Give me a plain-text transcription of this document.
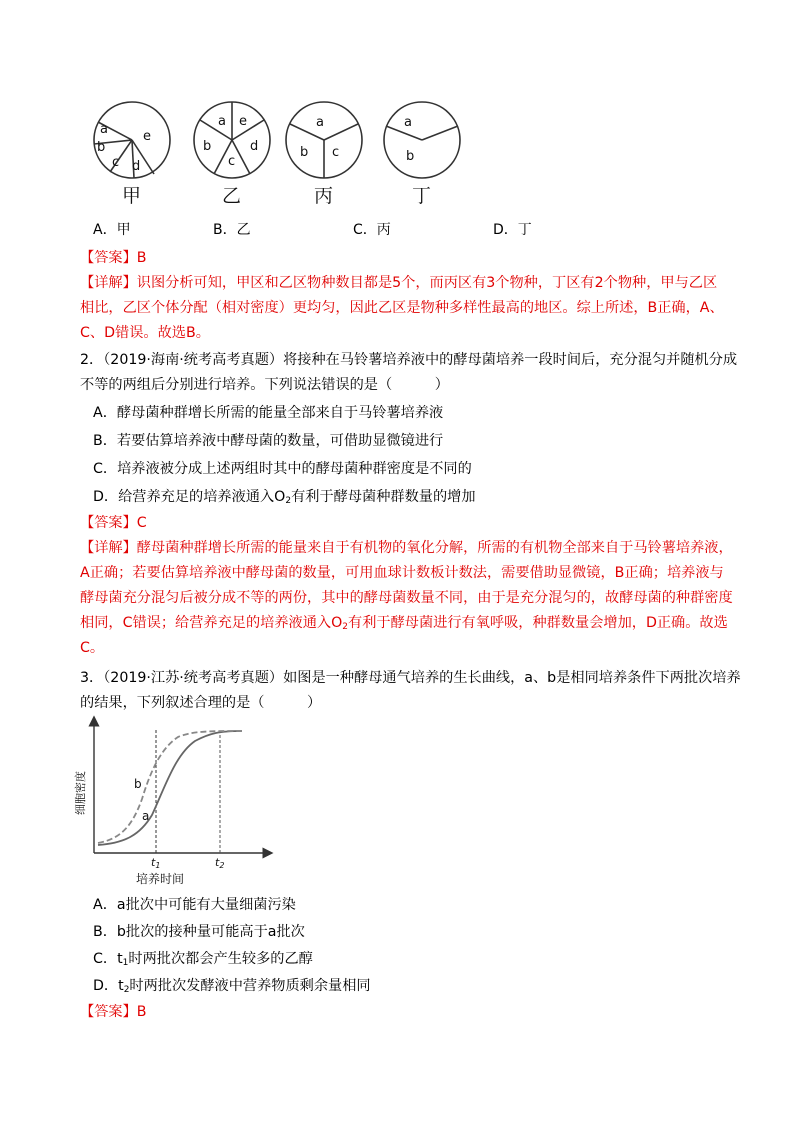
a
b
c d
e
a e
b	d
c
a
b c
a
b
甲	乙	丙	丁
A．甲	B．乙	C．丙	D．丁
【答案】B
【详解】识图分析可知，甲区和乙区物种数目都是5个，而丙区有3个物种，丁区有2个物种，甲与乙区
相比，乙区个体分配（相对密度）更均匀，因此乙区是物种多样性最高的地区。综上所述，B正确，A、
C、D错误。故选B。
2．（2019·海南·统考高考真题）将接种在马铃薯培养液中的酵母菌培养一段时间后，充分混匀并随机分成
不等的两组后分别进行培养。下列说法错误的是（　　　）
A．酵母菌种群增长所需的能量全部来自于马铃薯培养液
B．若要估算培养液中酵母菌的数量，可借助显微镜进行
C．培养液被分成上述两组时其中的酵母菌种群密度是不同的
D．给营养充足的培养液通入$O_2$有利于酵母菌种群数量的增加
【答案】C
【详解】酵母菌种群增长所需的能量来自于有机物的氧化分解，所需的有机物全部来自于马铃薯培养液，
A正确；若要估算培养液中酵母菌的数量，可用血球计数板计数法，需要借助显微镜，B正确；培养液与
酵母菌充分混匀后被分成不等的两份，其中的酵母菌数量不同，由于是充分混匀的，故酵母菌的种群密度
相同，C错误；给营养充足的培养液通入$O_2$有利于酵母菌进行有氧呼吸，种群数量会增加，D正确。故选
C。
3．（2019·江苏·统考高考真题）如图是一种酵母通气培养的生长曲线，a、b是相同培养条件下两批次培养
的结果，下列叙述合理的是（　　　）
细胞密度	b
a
t1	t2
培养时间
A．a批次中可能有大量细菌污染
B．b批次的接种量可能高于a批次
C．$t_1$时两批次都会产生较多的乙醇
D．$t_2$时两批次发酵液中营养物质剩余量相同
【答案】B
